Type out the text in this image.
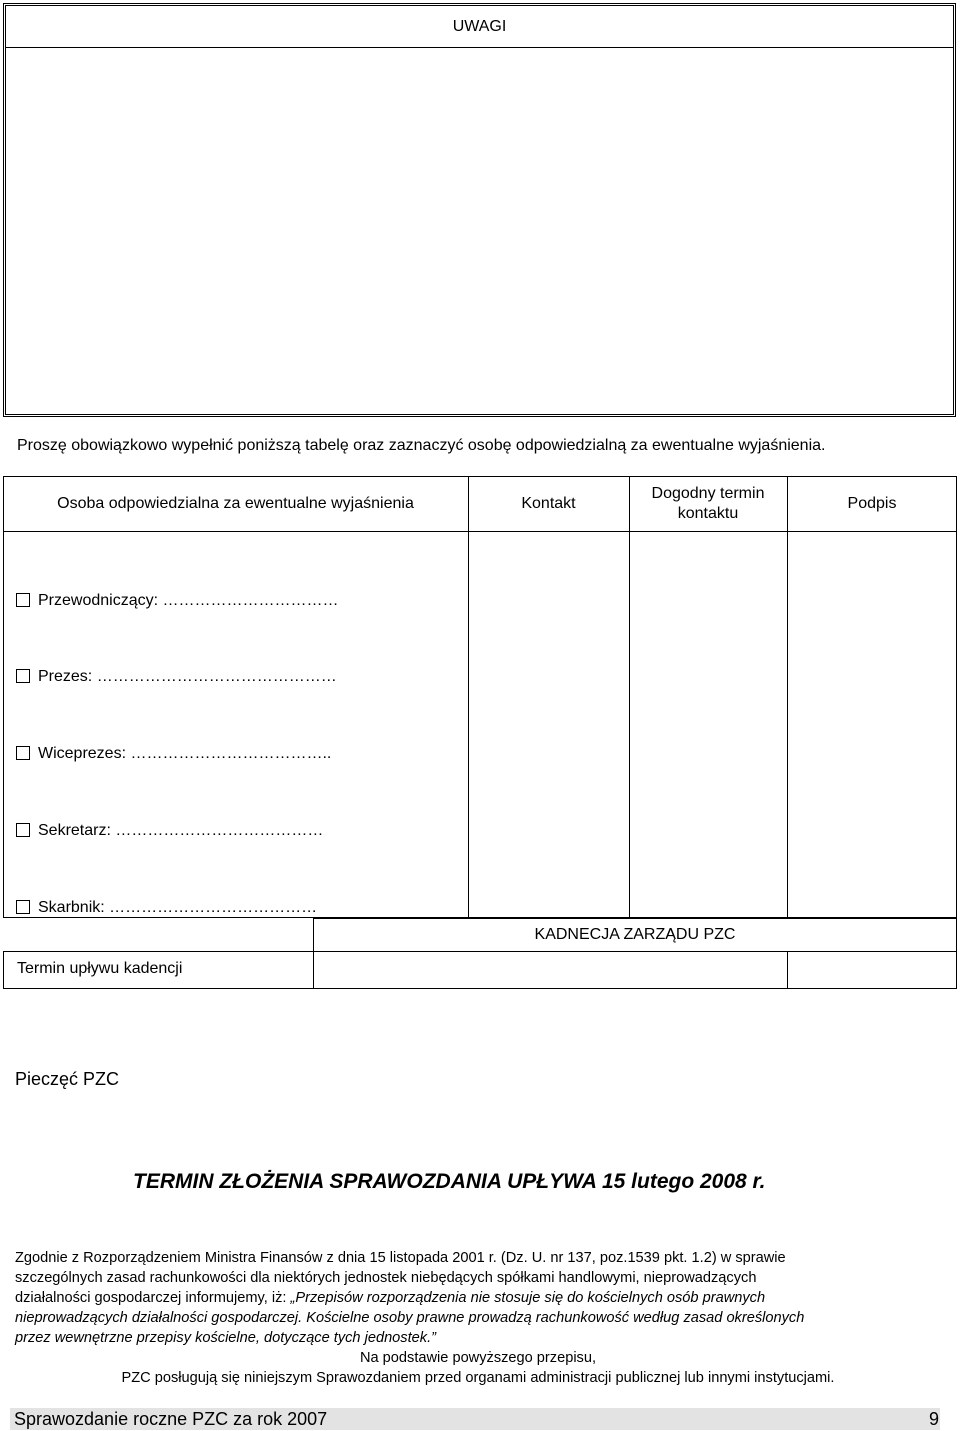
UWAGI
Proszę obowiązkowo wypełnić poniższą tabelę oraz zaznaczyć osobę odpowiedzialną za ewentualne wyjaśnienia.
Osoba odpowiedzialna za ewentualne wyjaśnienia	Kontakt
Dogodny termin
kontaktu
Podpis
Przewodniczący: ……………………………
Prezes: ………………………………………
Wiceprezes: ………………………………..
Sekretarz: …………………………………
Skarbnik: …………………………………
KADNECJA ZARZĄDU PZC
Termin upływu kadencji
Pieczęć PZC
TERMIN ZŁOŻENIA SPRAWOZDANIA UPŁYWA 15 lutego 2008 r.
Zgodnie z Rozporządzeniem Ministra Finansów z dnia 15 listopada 2001 r. (Dz. U. nr 137, poz.1539 pkt. 1.2) w sprawie
szczególnych zasad rachunkowości dla niektórych jednostek niebędących spółkami handlowymi, nieprowadzących
działalności gospodarczej informujemy, iż: „Przepisów rozporządzenia nie stosuje się do kościelnych osób prawnych
nieprowadzących działalności gospodarczej. Kościelne osoby prawne prowadzą rachunkowość według zasad określonych
przez wewnętrzne przepisy kościelne, dotyczące tych jednostek.”
Na podstawie powyższego przepisu,
PZC posługują się niniejszym Sprawozdaniem przed organami administracji publicznej lub innymi instytucjami.
Sprawozdanie roczne PZC za rok 2007	9
